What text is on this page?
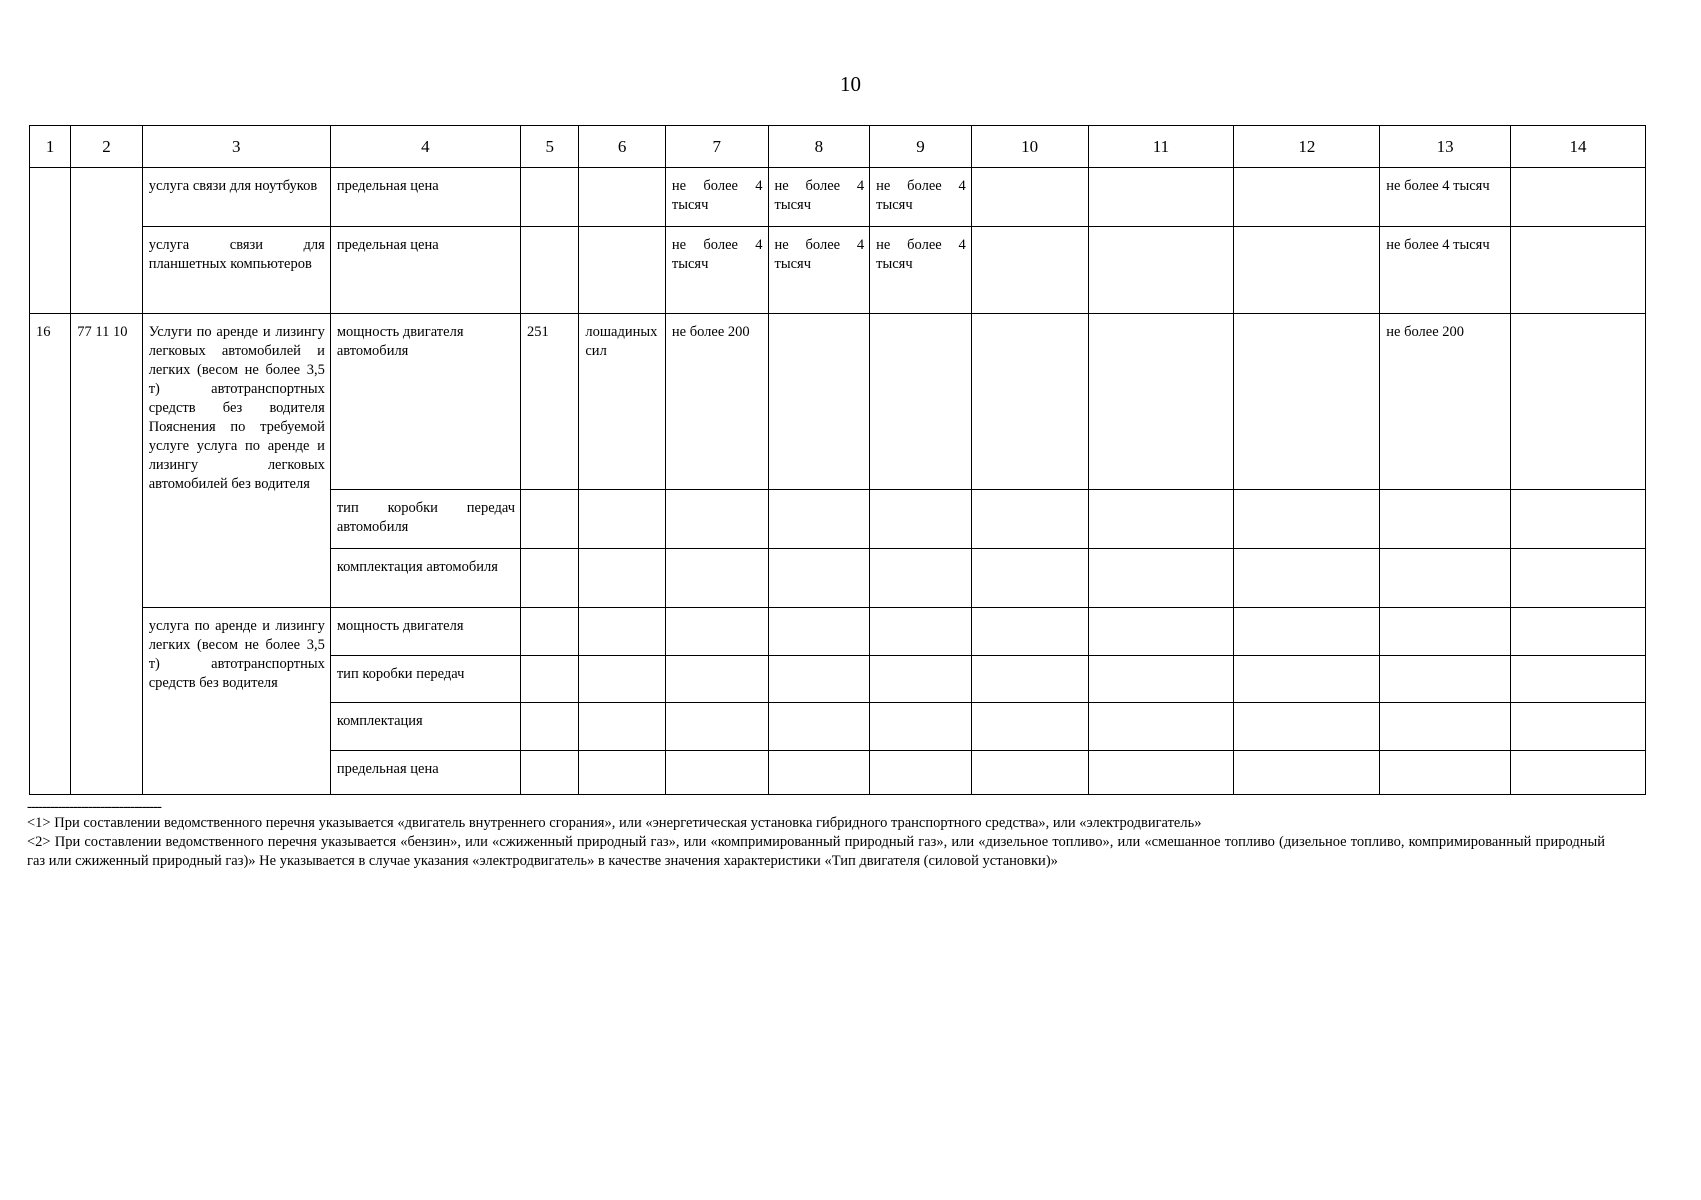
10
1	2	3	4	5	6	7	8	9	10	11	12	13	14
		услуга связи для ноутбуков	предельная цена			не более 4 тысяч	не более 4 тысяч	не более 4 тысяч				не более 4 тысяч	
		услуга связи для планшетных компьютеров	предельная цена			не более 4 тысяч	не более 4 тысяч	не более 4 тысяч				не более 4 тысяч	
16	77 11 10	Услуги по аренде и лизингу легковых автомобилей и легких (весом не более 3,5 т) автотранспортных средств без водителя Пояснения по требуемой услуге услуга по аренде и лизингу легковых автомобилей без водителя	мощность двигателя автомобиля	251	лошадиных сил	не более 200						не более 200	
			тип коробки передач автомобиля										
			комплектация автомобиля										
		услуга по аренде и лизингу легких (весом не более 3,5 т) автотранспортных средств без водителя	мощность двигателя										
			тип коробки передач										
			комплектация										
			предельная цена										
-----------------------------------

<1> При составлении ведомственного перечня указывается «двигатель внутреннего сгорания», или «энергетическая установка гибридного транспортного средства», или «электродвигатель»

<2> При составлении ведомственного перечня указывается «бензин», или «сжиженный природный газ», или «компримированный природный газ», или «дизельное топливо», или «смешанное топливо (дизельное топливо, компримированный природный газ или сжиженный природный газ)» Не указывается в случае указания «электродвигатель» в качестве значения характеристики «Тип двигателя (силовой установки)»
